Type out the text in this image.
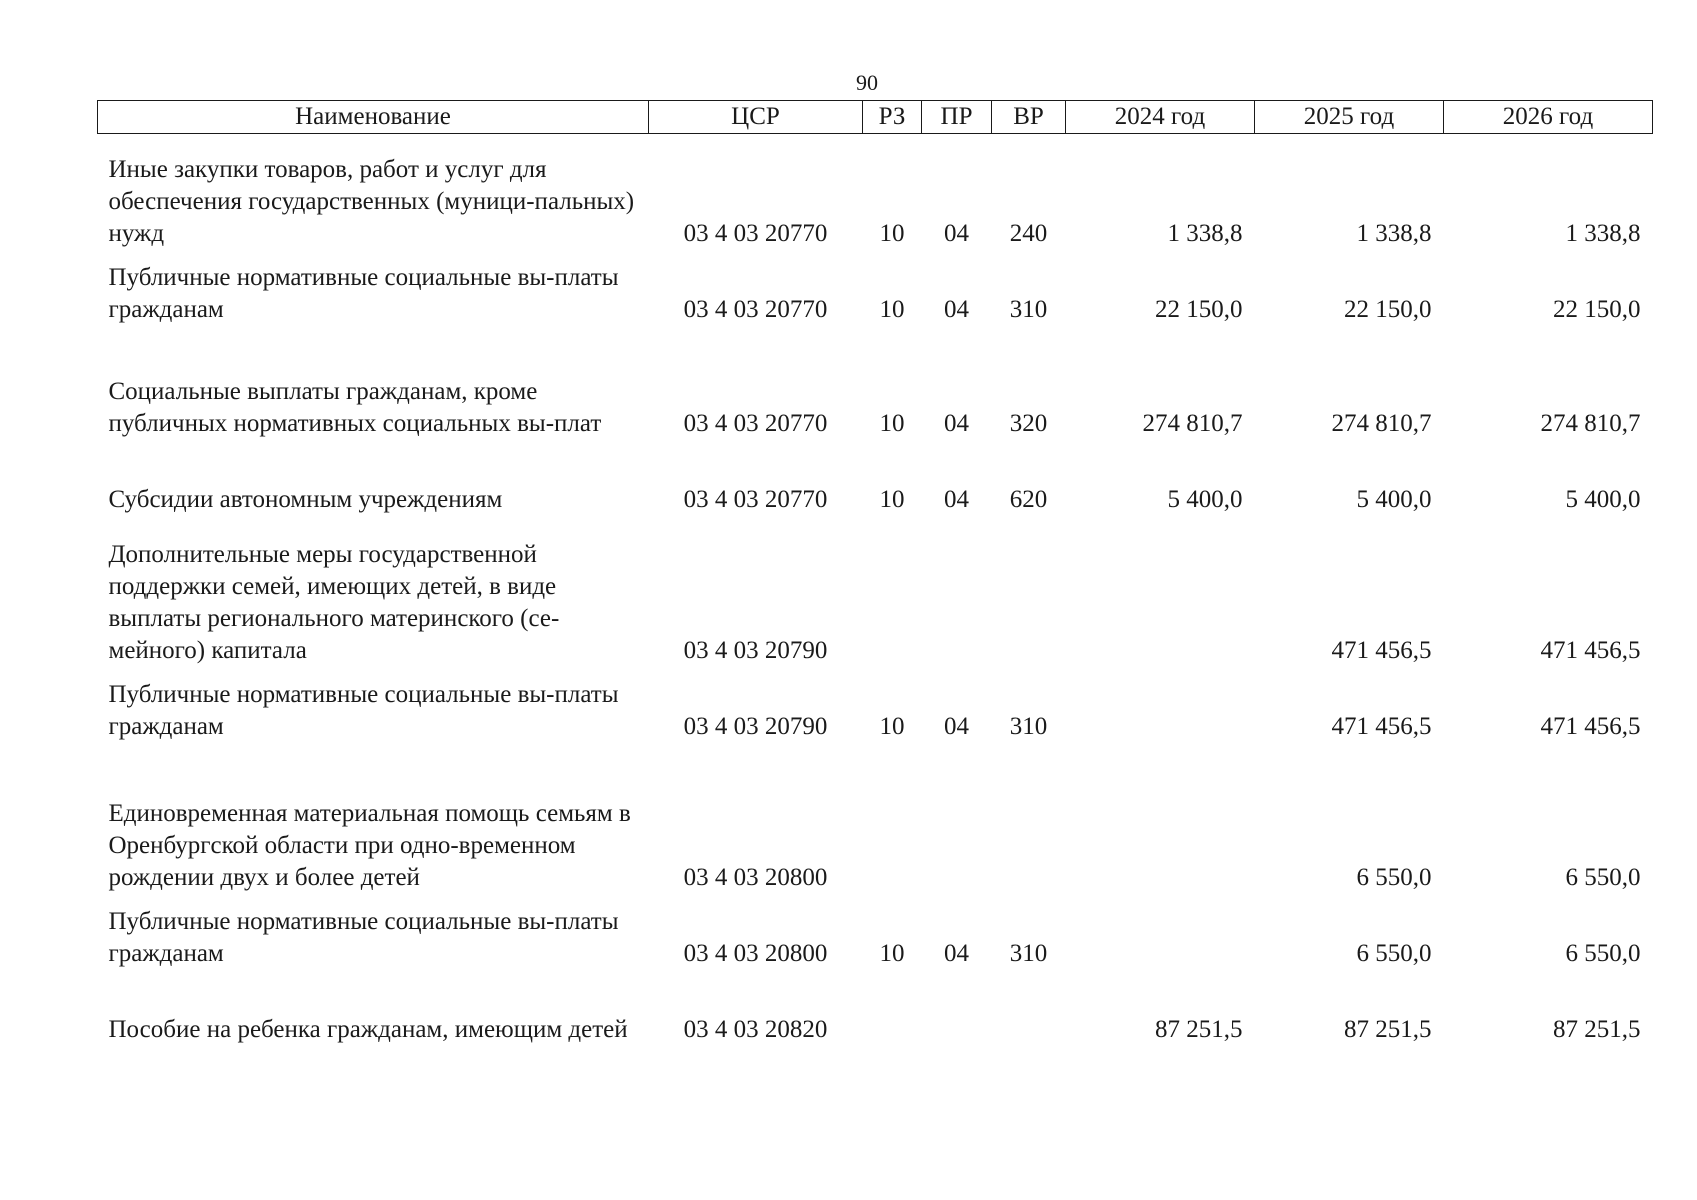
90
Наименование	ЦСР	РЗ	ПР	ВР	2024 год	2025 год	2026 год
Иные закупки товаров, работ и услуг для обеспечения государственных (муници-пальных) нужд	03 4 03 20770	10	04	240	1 338,8	1 338,8	1 338,8
Публичные нормативные социальные вы-платы гражданам	03 4 03 20770	10	04	310	22 150,0	22 150,0	22 150,0
Социальные выплаты гражданам, кроме публичных нормативных социальных вы-плат	03 4 03 20770	10	04	320	274 810,7	274 810,7	274 810,7
Субсидии автономным учреждениям	03 4 03 20770	10	04	620	5 400,0	5 400,0	5 400,0
Дополнительные меры государственной поддержки семей, имеющих детей, в виде выплаты регионального материнского (се-мейного) капитала	03 4 03 20790					471 456,5	471 456,5
Публичные нормативные социальные вы-платы гражданам	03 4 03 20790	10	04	310		471 456,5	471 456,5
Единовременная материальная помощь семьям в Оренбургской области при одно-временном рождении двух и более детей	03 4 03 20800					6 550,0	6 550,0
Публичные нормативные социальные вы-платы гражданам	03 4 03 20800	10	04	310		6 550,0	6 550,0
Пособие на ребенка гражданам, имеющим детей	03 4 03 20820				87 251,5	87 251,5	87 251,5
